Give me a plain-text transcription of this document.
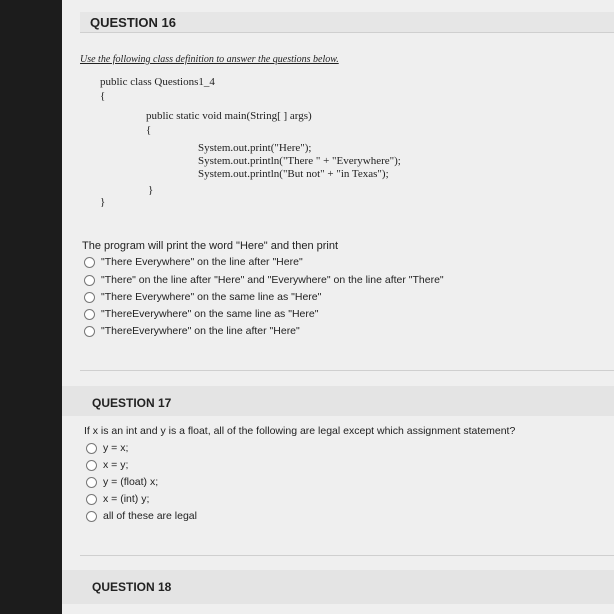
QUESTION 16
Use the following class definition to answer the questions below.
public class Questions1_4
{
public static void main(String[ ] args)
{
System.out.print("Here");
System.out.println("There " + "Everywhere");
System.out.println("But not" + "in Texas");
}
}
The program will print the word "Here" and then print
"There Everywhere" on the line after "Here"
"There" on the line after "Here" and "Everywhere" on the line after "There"
"There Everywhere" on the same line as "Here"
"ThereEverywhere" on the same line as "Here"
"ThereEverywhere" on the line after "Here"
QUESTION 17
If x is an int and y is a float, all of the following are legal except which assignment statement?
y = x;
x = y;
y = (float) x;
x = (int) y;
all of these are legal
QUESTION 18
